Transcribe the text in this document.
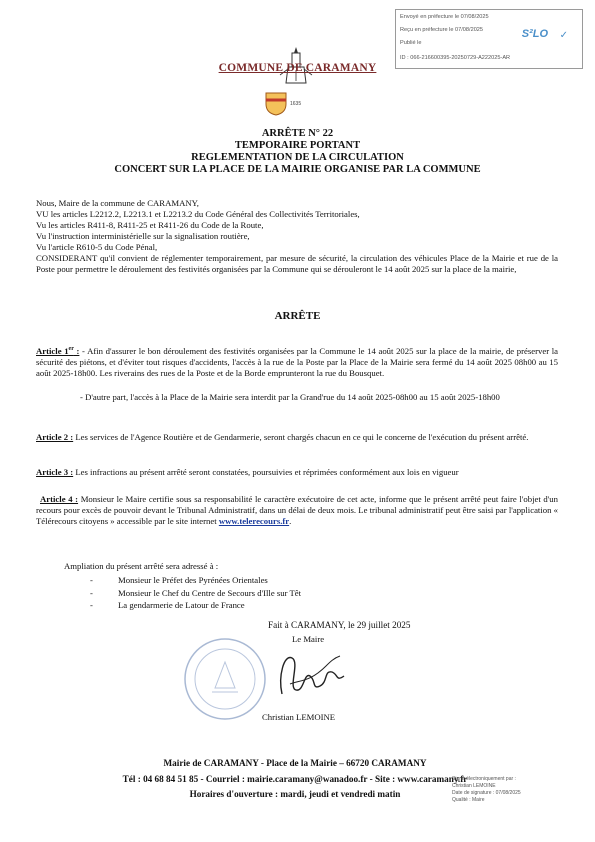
Envoyé en préfecture le 07/08/2025
Reçu en préfecture le 07/08/2025
Publié le
ID : 066-216600395-20250729-A222025-AR
S²LO ✓
COMMUNE DE CARAMANY
1635
ARRÊTE N° 22
TEMPORAIRE PORTANT
REGLEMENTATION DE LA CIRCULATION
CONCERT SUR LA PLACE DE LA MAIRIE ORGANISE PAR LA COMMUNE
Nous, Maire de la commune de CARAMANY,
VU les articles L2212.2, L2213.1 et L2213.2 du Code Général des Collectivités Territoriales,
Vu les articles R411-8, R411-25 et R411-26 du Code de la Route,
Vu l'instruction interministérielle sur la signalisation routière,
Vu l'article R610-5 du Code Pénal,
CONSIDERANT qu'il convient de réglementer temporairement, par mesure de sécurité, la circulation des véhicules Place de la Mairie et rue de la Poste pour permettre le déroulement des festivités organisées par la Commune qui se dérouleront le 14 août 2025 sur la place de la mairie,
ARRÊTE
Article 1er : - Afin d'assurer le bon déroulement des festivités organisées par la Commune le 14 août 2025 sur la place de la mairie, de préserver la sécurité des piétons, et d'éviter tout risques d'accidents, l'accès à la rue de la Poste par la Place de la Mairie sera fermé du 14 août 2025 08h00 au 15 août 2025-18h00. Les riverains des rues de la Poste et de la Borde emprunteront la rue du Bousquet.
- D'autre part, l'accès à la Place de la Mairie sera interdit par la Grand'rue du 14 août 2025-08h00 au 15 août 2025-18h00
Article 2 : Les services de l'Agence Routière et de Gendarmerie, seront chargés chacun en ce qui le concerne de l'exécution du présent arrêté.
Article 3 : Les infractions au présent arrêté seront constatées, poursuivies et réprimées conformément aux lois en vigueur
Article 4 : Monsieur le Maire certifie sous sa responsabilité le caractère exécutoire de cet acte, informe que le présent arrêté peut faire l'objet d'un recours pour excès de pouvoir devant le Tribunal Administratif, dans un délai de deux mois. Le tribunal administratif peut être saisi par l'application « Télérecours citoyens » accessible par le site internet www.telerecours.fr.
Ampliation du présent arrêté sera adressé à :
-	Monsieur le Préfet des Pyrénées Orientales
-	Monsieur le Chef du Centre de Secours d'Ille sur Têt
-	La gendarmerie de Latour de France
Fait à CARAMANY, le 29 juillet 2025
Le Maire
Christian LEMOINE
Mairie de CARAMANY - Place de la Mairie – 66720 CARAMANY
Tél : 04 68 84 51 85 - Courriel : mairie.caramany@wanadoo.fr - Site : www.caramany.fr
Horaires d'ouverture : mardi, jeudi et vendredi matin
Signé électroniquement par :
Christian LEMOINE
Date de signature : 07/08/2025
Qualité : Maire
